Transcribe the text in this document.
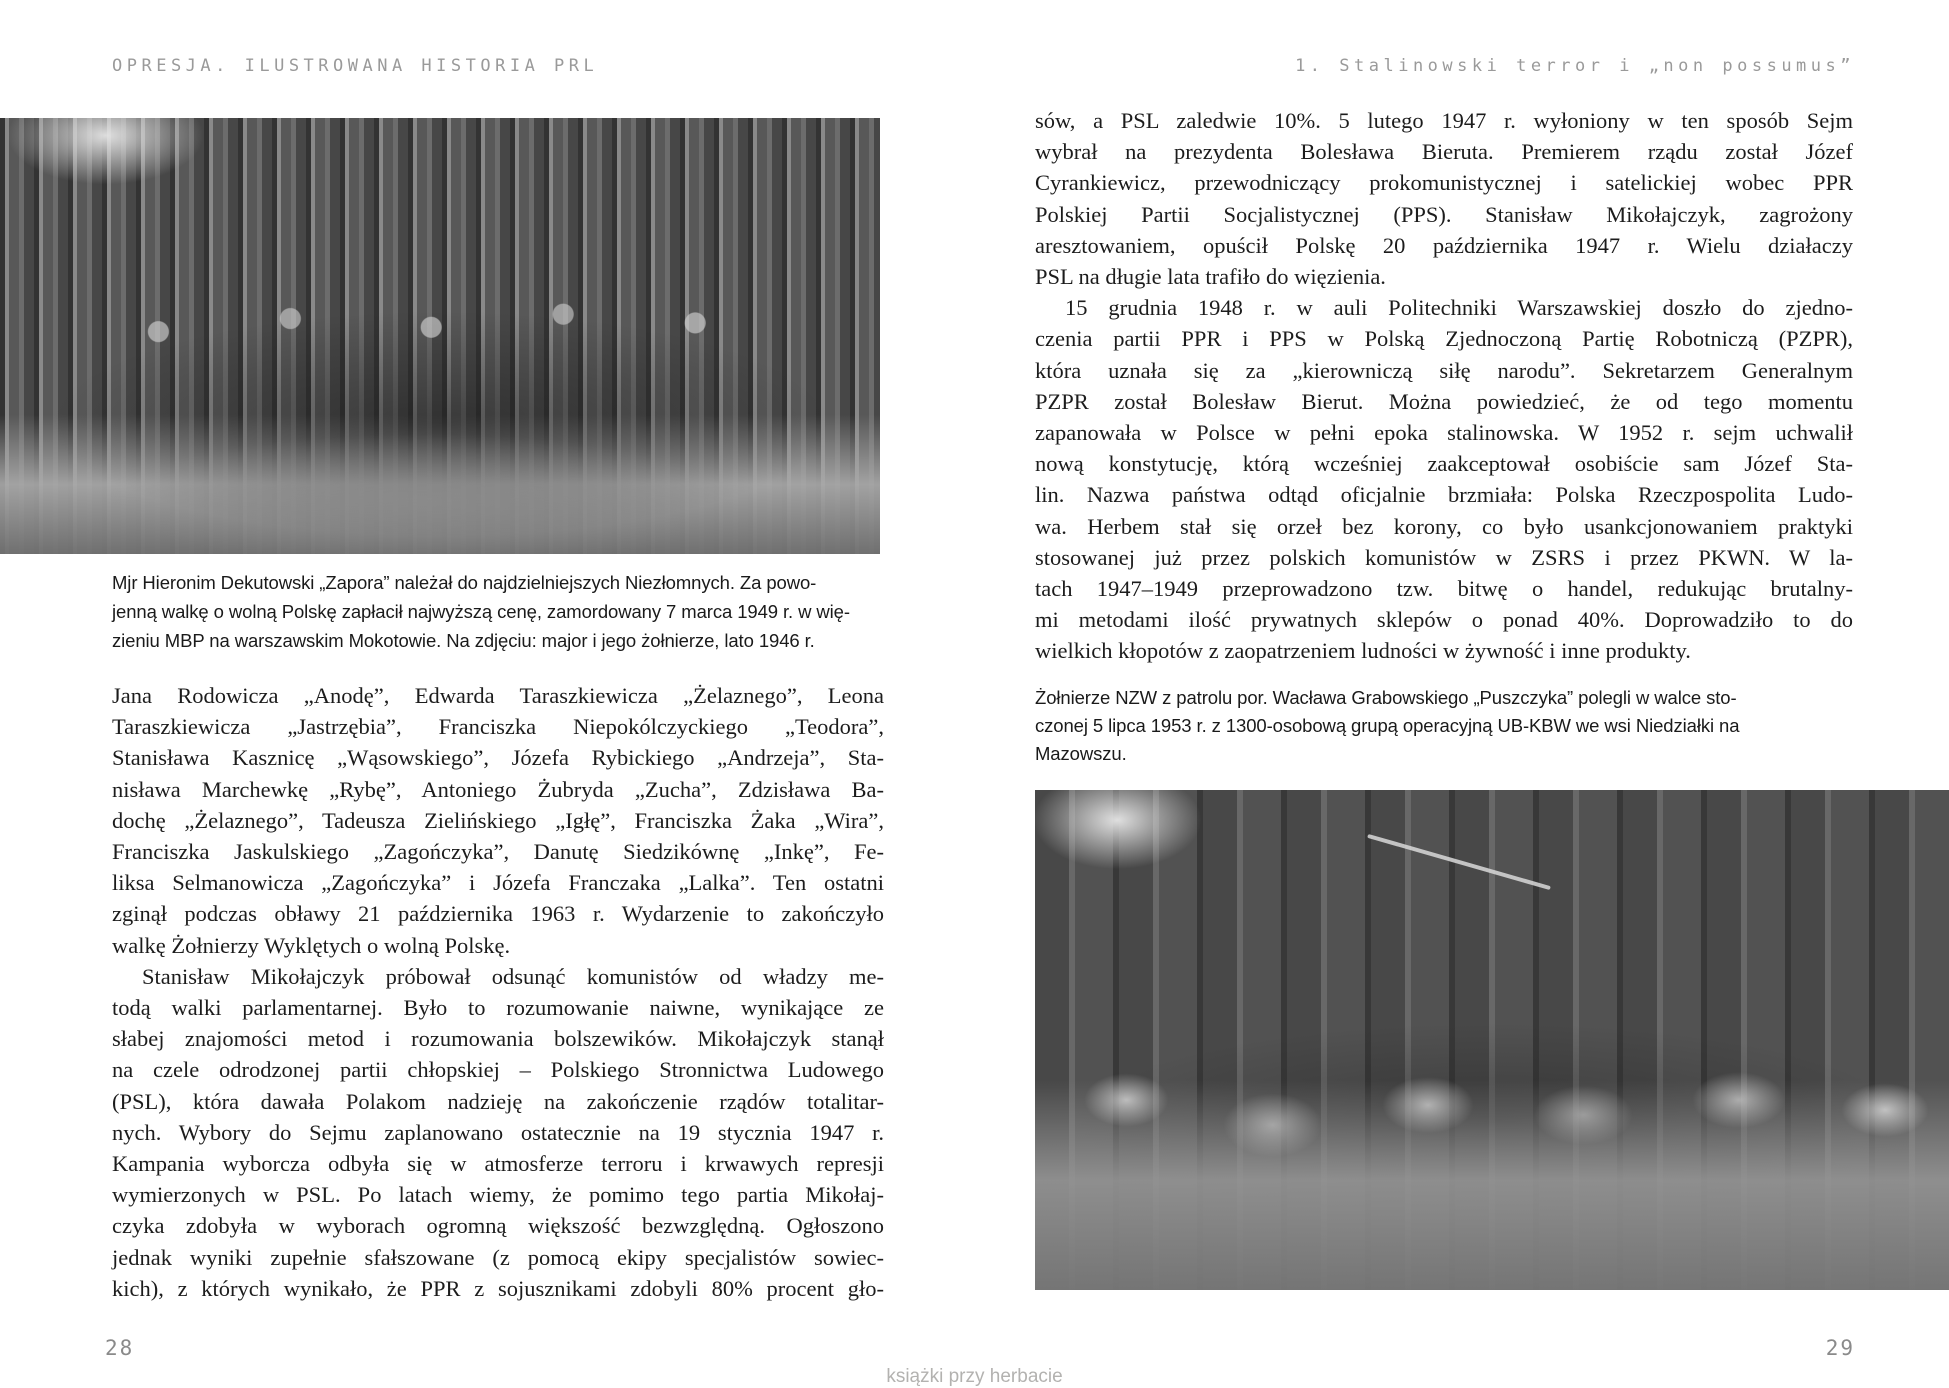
OPRESJA. ILUSTROWANA HISTORIA PRL	1. Stalinowski terror i „non possumus”
Mjr Hieronim Dekutowski „Zapora” należał do najdzielniejszych Niezłomnych. Za powo-
jenną walkę o wolną Polskę zapłacił najwyższą cenę, zamordowany 7 marca 1949 r. w wię-
zieniu MBP na warszawskim Mokotowie. Na zdjęciu: major i jego żołnierze, lato 1946 r.
Jana Rodowicza „Anodę”, Edwarda Taraszkiewicza „Żelaznego”, Leona
Taraszkiewicza „Jastrzębia”, Franciszka Niepokólczyckiego „Teodora”,
Stanisława Kasznicę „Wąsowskiego”, Józefa Rybickiego „Andrzeja”, Sta-
nisława Marchewkę „Rybę”, Antoniego Żubryda „Zucha”, Zdzisława Ba-
dochę „Żelaznego”, Tadeusza Zielińskiego „Igłę”, Franciszka Żaka „Wira”,
Franciszka Jaskulskiego „Zagończyka”, Danutę Siedzikównę „Inkę”, Fe-
liksa Selmanowicza „Zagończyka” i Józefa Franczaka „Lalka”. Ten ostatni
zginął podczas obławy 21 października 1963 r. Wydarzenie to zakończyło
walkę Żołnierzy Wyklętych o wolną Polskę.
Stanisław Mikołajczyk próbował odsunąć komunistów od władzy me-
todą walki parlamentarnej. Było to rozumowanie naiwne, wynikające ze
słabej znajomości metod i rozumowania bolszewików. Mikołajczyk stanął
na czele odrodzonej partii chłopskiej – Polskiego Stronnictwa Ludowego
(PSL), która dawała Polakom nadzieję na zakończenie rządów totalitar-
nych. Wybory do Sejmu zaplanowano ostatecznie na 19 stycznia 1947 r.
Kampania wyborcza odbyła się w atmosferze terroru i krwawych represji
wymierzonych w PSL. Po latach wiemy, że pomimo tego partia Mikołaj-
czyka zdobyła w wyborach ogromną większość bezwzględną. Ogłoszono
jednak wyniki zupełnie sfałszowane (z pomocą ekipy specjalistów sowiec-
kich), z których wynikało, że PPR z sojusznikami zdobyli 80% procent gło-
28
sów, a PSL zaledwie 10%. 5 lutego 1947 r. wyłoniony w ten sposób Sejm
wybrał na prezydenta Bolesława Bieruta. Premierem rządu został Józef
Cyrankiewicz, przewodniczący prokomunistycznej i satelickiej wobec PPR
Polskiej Partii Socjalistycznej (PPS). Stanisław Mikołajczyk, zagrożony
aresztowaniem, opuścił Polskę 20 października 1947 r. Wielu działaczy
PSL na długie lata trafiło do więzienia.
15 grudnia 1948 r. w auli Politechniki Warszawskiej doszło do zjedno-
czenia partii PPR i PPS w Polską Zjednoczoną Partię Robotniczą (PZPR),
która uznała się za „kierowniczą siłę narodu”. Sekretarzem Generalnym
PZPR został Bolesław Bierut. Można powiedzieć, że od tego momentu
zapanowała w Polsce w pełni epoka stalinowska. W 1952 r. sejm uchwalił
nową konstytucję, którą wcześniej zaakceptował osobiście sam Józef Sta-
lin. Nazwa państwa odtąd oficjalnie brzmiała: Polska Rzeczpospolita Ludo-
wa. Herbem stał się orzeł bez korony, co było usankcjonowaniem praktyki
stosowanej już przez polskich komunistów w ZSRS i przez PKWN. W la-
tach 1947–1949 przeprowadzono tzw. bitwę o handel, redukując brutalny-
mi metodami ilość prywatnych sklepów o ponad 40%. Doprowadziło to do
wielkich kłopotów z zaopatrzeniem ludności w żywność i inne produkty.
Żołnierze NZW z patrolu por. Wacława Grabowskiego „Puszczyka” polegli w walce sto-
czonej 5 lipca 1953 r. z 1300-osobową grupą operacyjną UB-KBW we wsi Niedziałki na
Mazowszu.
29
książki przy herbacie
